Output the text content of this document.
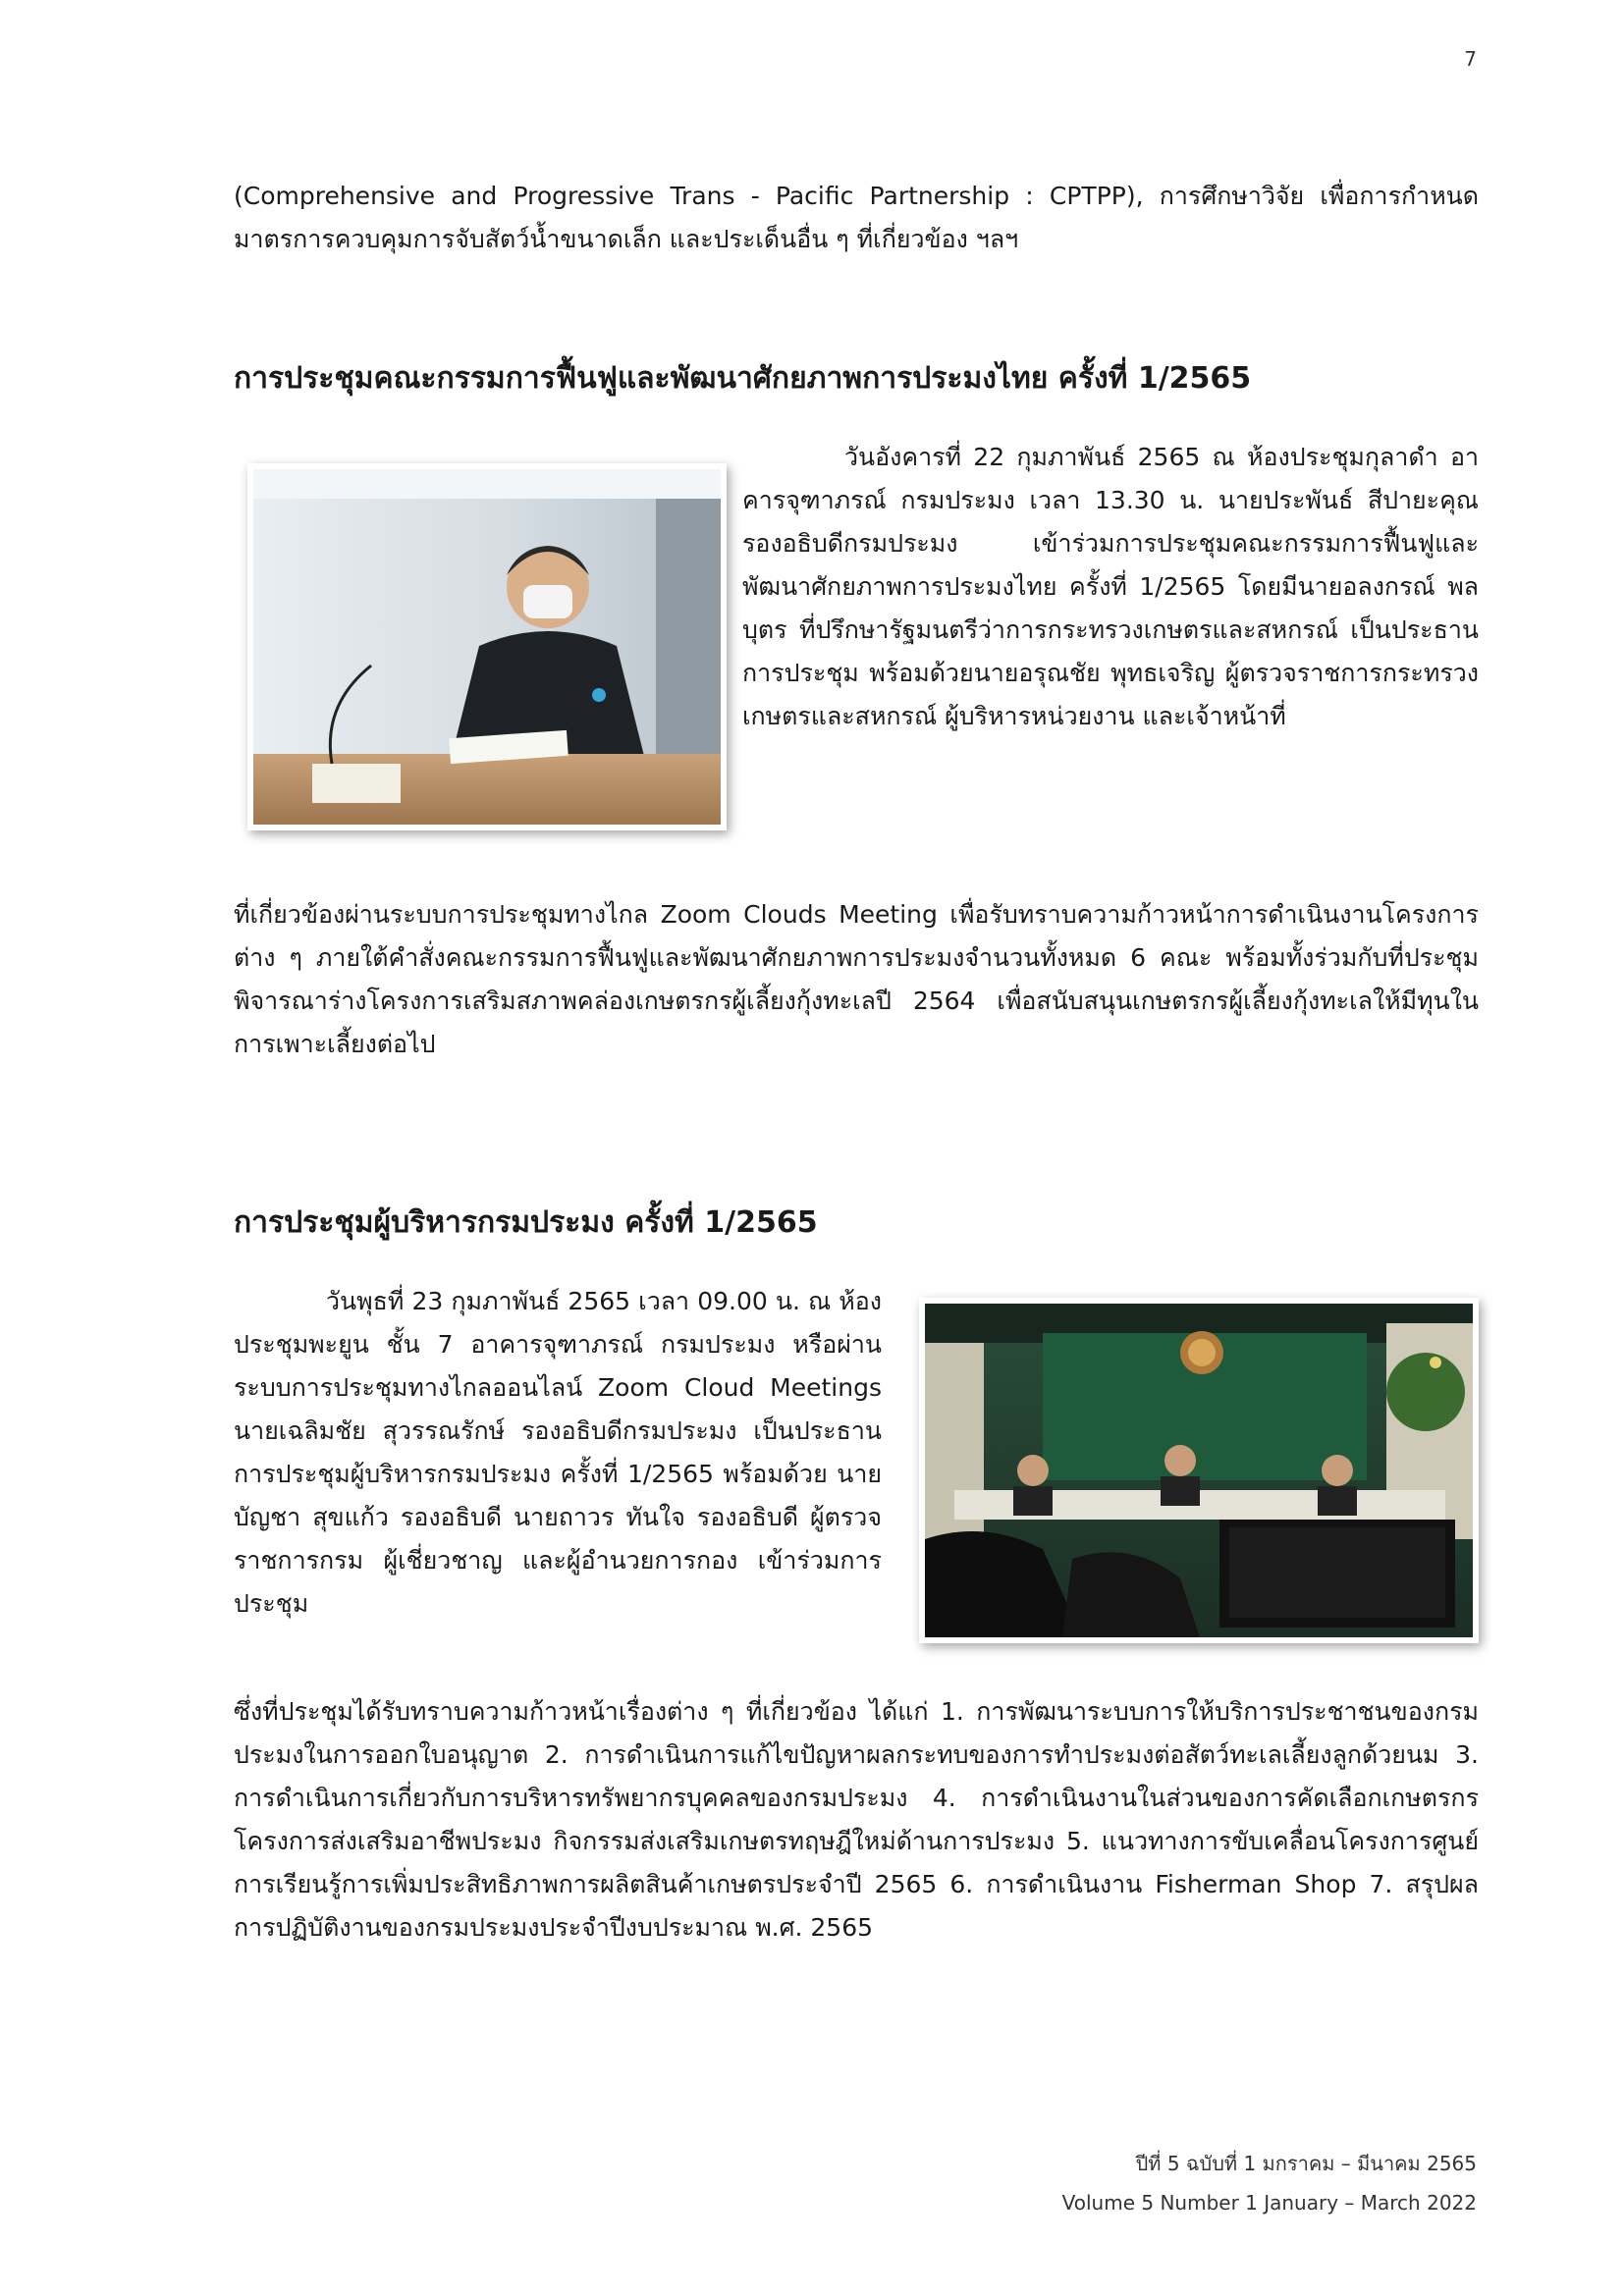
7

(Comprehensive and Progressive Trans - Pacific Partnership : CPTPP), การศึกษาวิจัย เพื่อการกำหนดมาตรการควบคุมการจับสัตว์น้ำขนาดเล็ก และประเด็นอื่น ๆ ที่เกี่ยวข้อง ฯลฯ

การประชุมคณะกรรมการฟื้นฟูและพัฒนาศักยภาพการประมงไทย ครั้งที่ 1/2565

วันอังคารที่ 22 กุมภาพันธ์ 2565 ณ ห้องประชุมกุลาดำ อาคารจุฑาภรณ์ กรมประมง เวลา 13.30 น. นายประพันธ์ สีปายะคุณ รองอธิบดีกรมประมง เข้าร่วมการประชุมคณะกรรมการฟื้นฟูและพัฒนาศักยภาพการประมงไทย ครั้งที่ 1/2565 โดยมีนายอลงกรณ์ พลบุตร ที่ปรึกษารัฐมนตรีว่าการกระทรวงเกษตรและสหกรณ์ เป็นประธานการประชุม พร้อมด้วยนายอรุณชัย พุทธเจริญ ผู้ตรวจราชการกระทรวงเกษตรและสหกรณ์ ผู้บริหารหน่วยงาน และเจ้าหน้าที่

ที่เกี่ยวข้องผ่านระบบการประชุมทางไกล Zoom Clouds Meeting เพื่อรับทราบความก้าวหน้าการดำเนินงานโครงการต่าง ๆ ภายใต้คำสั่งคณะกรรมการฟื้นฟูและพัฒนาศักยภาพการประมงจำนวนทั้งหมด 6 คณะ พร้อมทั้งร่วมกับที่ประชุมพิจารณาร่างโครงการเสริมสภาพคล่องเกษตรกรผู้เลี้ยงกุ้งทะเลปี 2564 เพื่อสนับสนุนเกษตรกรผู้เลี้ยงกุ้งทะเลให้มีทุนในการเพาะเลี้ยงต่อไป

การประชุมผู้บริหารกรมประมง ครั้งที่ 1/2565

วันพุธที่ 23 กุมภาพันธ์ 2565 เวลา 09.00 น. ณ ห้องประชุมพะยูน ชั้น 7 อาคารจุฑาภรณ์ กรมประมง หรือผ่านระบบการประชุมทางไกลออนไลน์ Zoom Cloud Meetings นายเฉลิมชัย สุวรรณรักษ์ รองอธิบดีกรมประมง เป็นประธานการประชุมผู้บริหารกรมประมง ครั้งที่ 1/2565 พร้อมด้วย นายบัญชา สุขแก้ว รองอธิบดี นายถาวร ทันใจ รองอธิบดี ผู้ตรวจราชการกรม ผู้เชี่ยวชาญ และผู้อำนวยการกอง เข้าร่วมการประชุม

ซึ่งที่ประชุมได้รับทราบความก้าวหน้าเรื่องต่าง ๆ ที่เกี่ยวข้อง ได้แก่ 1. การพัฒนาระบบการให้บริการประชาชนของกรมประมงในการออกใบอนุญาต 2. การดำเนินการแก้ไขปัญหาผลกระทบของการทำประมงต่อสัตว์ทะเลเลี้ยงลูกด้วยนม 3. การดำเนินการเกี่ยวกับการบริหารทรัพยากรบุคคลของกรมประมง 4. การดำเนินงานในส่วนของการคัดเลือกเกษตรกรโครงการส่งเสริมอาชีพประมง กิจกรรมส่งเสริมเกษตรทฤษฎีใหม่ด้านการประมง 5. แนวทางการขับเคลื่อนโครงการศูนย์การเรียนรู้การเพิ่มประสิทธิภาพการผลิตสินค้าเกษตรประจำปี 2565 6. การดำเนินงาน Fisherman Shop 7. สรุปผลการปฏิบัติงานของกรมประมงประจำปีงบประมาณ พ.ศ. 2565

ปีที่ 5 ฉบับที่ 1 มกราคม – มีนาคม 2565
Volume 5 Number 1 January – March 2022
